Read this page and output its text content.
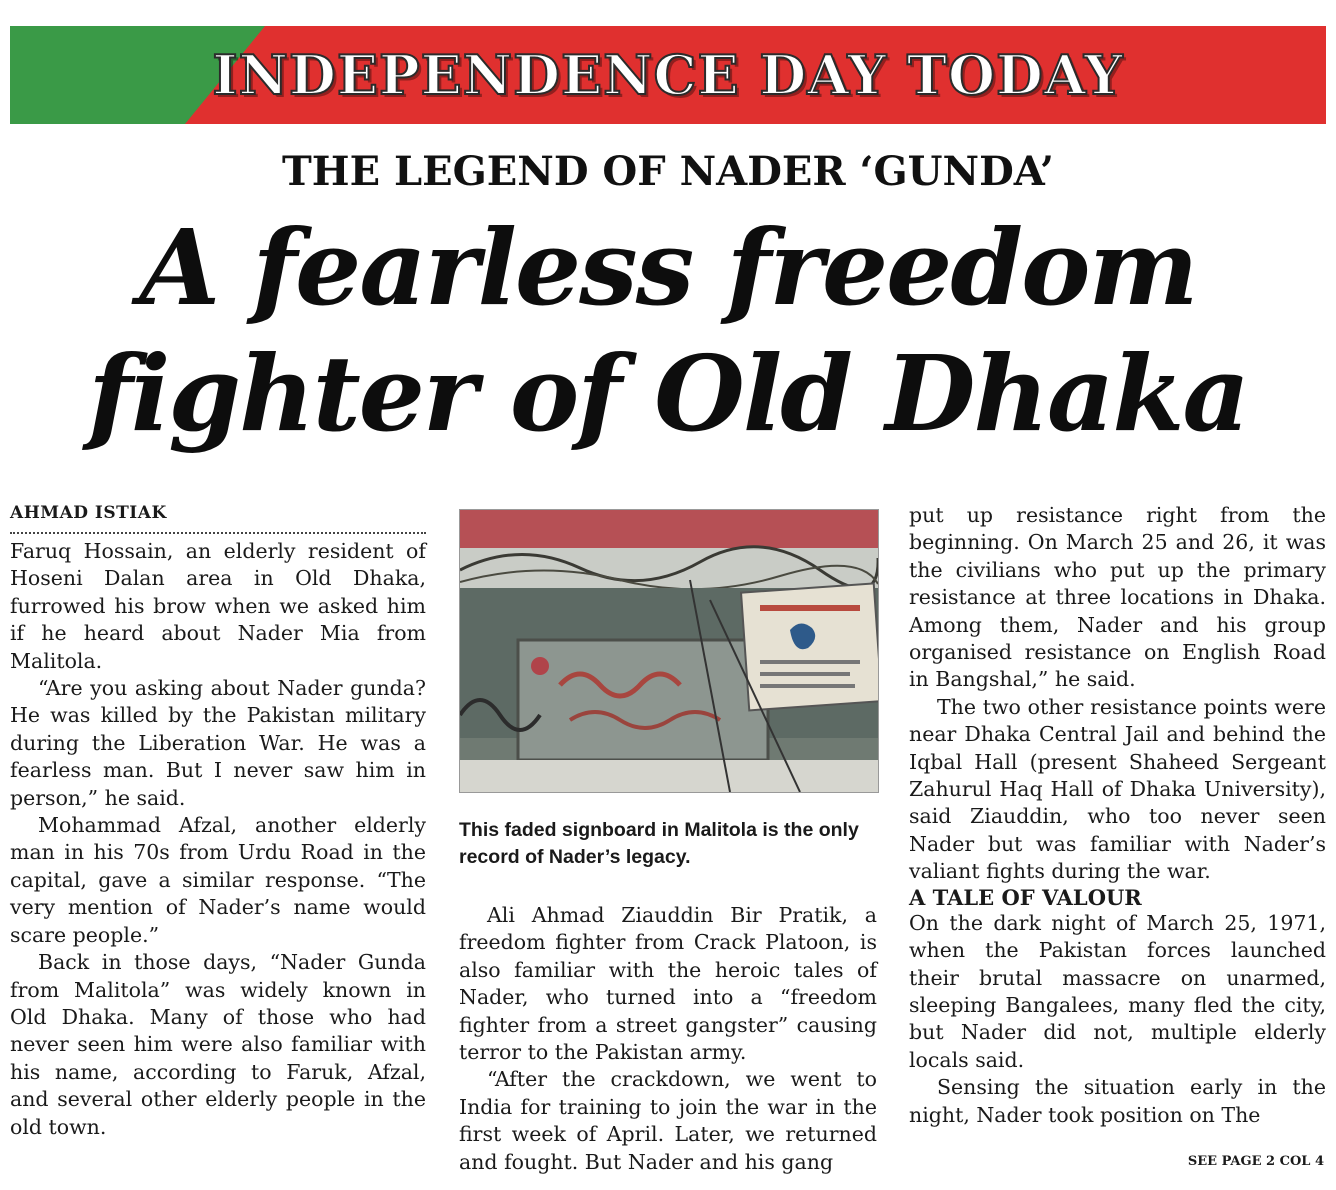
INDEPENDENCE DAY TODAY
THE LEGEND OF NADER ‘GUNDA’
A fearless freedom
fighter of Old Dhaka
AHMAD ISTIAK

Faruq Hossain, an elderly resident of Hoseni Dalan area in Old Dhaka, furrowed his brow when we asked him if he heard about Nader Mia from Malitola.

“Are you asking about Nader gunda? He was killed by the Pakistan military during the Liberation War. He was a fearless man. But I never saw him in person,” he said.

Mohammad Afzal, another elderly man in his 70s from Urdu Road in the capital, gave a similar response. “The very mention of Nader’s name would scare people.”

Back in those days, “Nader Gunda from Malitola” was widely known in Old Dhaka. Many of those who had never seen him were also familiar with his name, according to Faruk, Afzal, and several other elderly people in the old town.

This faded signboard in Malitola is the only record of Nader’s legacy.

Ali Ahmad Ziauddin Bir Pratik, a freedom fighter from Crack Platoon, is also familiar with the heroic tales of Nader, who turned into a “freedom fighter from a street gangster” causing terror to the Pakistan army.

“After the crackdown, we went to India for training to join the war in the first week of April. Later, we returned and fought. But Nader and his gang

put up resistance right from the beginning. On March 25 and 26, it was the civilians who put up the primary resistance at three locations in Dhaka. Among them, Nader and his group organised resistance on English Road in Bangshal,” he said.

The two other resistance points were near Dhaka Central Jail and behind the Iqbal Hall (present Shaheed Sergeant Zahurul Haq Hall of Dhaka University), said Ziauddin, who too never seen Nader but was familiar with Nader’s valiant fights during the war.

A TALE OF VALOUR

On the dark night of March 25, 1971, when the Pakistan forces launched their brutal massacre on unarmed, sleeping Bangalees, many fled the city, but Nader did not, multiple elderly locals said.

Sensing the situation early in the night, Nader took position on The

SEE PAGE 2 COL 4
